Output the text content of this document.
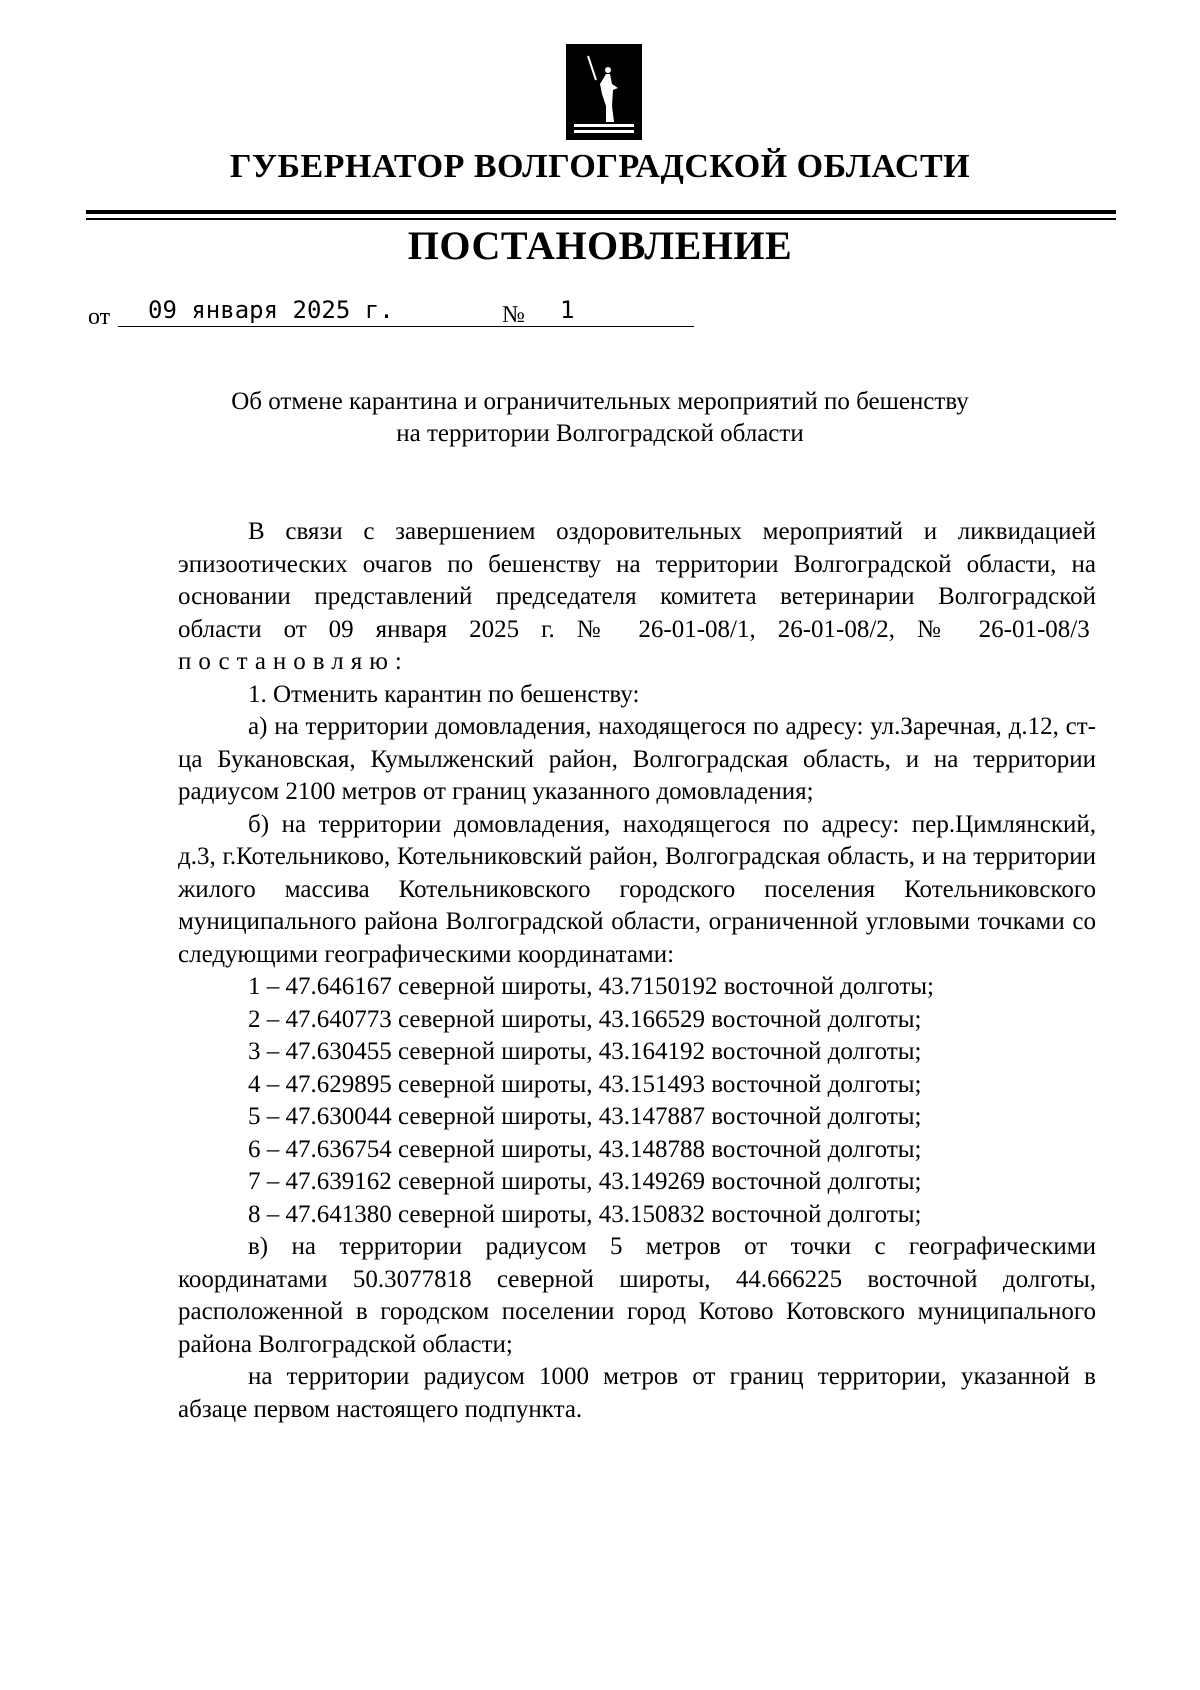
ГУБЕРНАТОР ВОЛГОГРАДСКОЙ ОБЛАСТИ
ПОСТАНОВЛЕНИЕ
от 09 января 2025 г.	№ 1
Об отмене карантина и ограничительных мероприятий по бешенству
на территории Волгоградской области

В связи с завершением оздоровительных мероприятий и ликвидацией эпизоотических очагов по бешенству на территории Волгоградской области, на основании представлений председателя комитета ветеринарии Волгоградской области от 09 января 2025 г. № 26-01-08/1, 26-01-08/2, № 26-01-08/3  постановляю:

1. Отменить карантин по бешенству:

а) на территории домовладения, находящегося по адресу: ул.Заречная, д.12, ст-ца Букановская, Кумылженский район, Волгоградская область, и на территории радиусом 2100 метров от границ указанного домовладения;

б) на территории домовладения, находящегося по адресу: пер.Цимлянский, д.3, г.Котельниково, Котельниковский район, Волгоградская область, и на территории жилого массива Котельниковского городского поселения Котельниковского муниципального района Волгоградской области, ограниченной угловыми точками со следующими географическими координатами:

1 – 47.646167 северной широты, 43.7150192 восточной долготы;

2 – 47.640773 северной широты, 43.166529 восточной долготы;

3 – 47.630455 северной широты, 43.164192 восточной долготы;

4 – 47.629895 северной широты, 43.151493 восточной долготы;

5 – 47.630044 северной широты, 43.147887 восточной долготы;

6 – 47.636754 северной широты, 43.148788 восточной долготы;

7 – 47.639162 северной широты, 43.149269 восточной долготы;

8 – 47.641380 северной широты, 43.150832 восточной долготы;

в) на территории радиусом 5 метров от точки с географическими координатами 50.3077818 северной широты, 44.666225 восточной долготы, расположенной в городском поселении город Котово Котовского муниципального района Волгоградской области;

на территории радиусом 1000 метров от границ территории, указанной в абзаце первом настоящего подпункта.
